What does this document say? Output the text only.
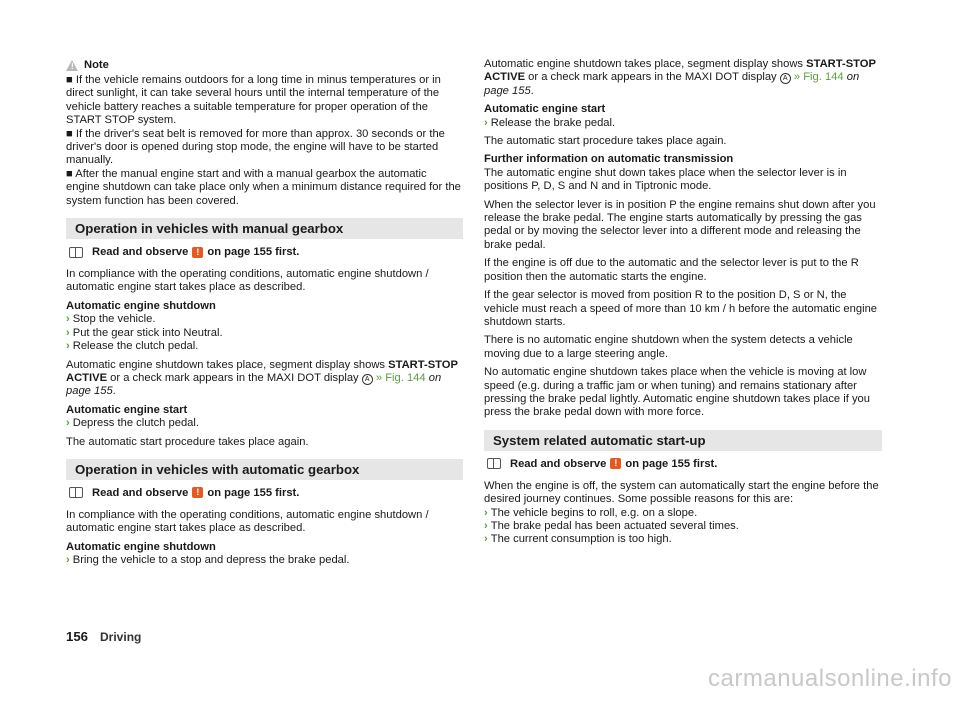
! Note

■ If the vehicle remains outdoors for a long time in minus temperatures or in direct sunlight, it can take several hours until the internal temperature of the vehicle battery reaches a suitable temperature for proper operation of the START STOP system.

■ If the driver's seat belt is removed for more than approx. 30 seconds or the driver's door is opened during stop mode, the engine will have to be started manually.

■ After the manual engine start and with a manual gearbox the automatic engine shutdown can take place only when a minimum distance required for the system function has been covered.

Operation in vehicles with manual gearbox
Read and observe ! on page 155 first.

In compliance with the operating conditions, automatic engine shutdown / automatic engine start takes place as described.

Automatic engine shutdown

› Stop the vehicle.

› Put the gear stick into Neutral.

› Release the clutch pedal.

Automatic engine shutdown takes place, segment display shows START-STOP ACTIVE or a check mark appears in the MAXI DOT display A » Fig. 144 on page 155.

Automatic engine start

› Depress the clutch pedal.

The automatic start procedure takes place again.

Operation in vehicles with automatic gearbox
Read and observe ! on page 155 first.

In compliance with the operating conditions, automatic engine shutdown / automatic engine start takes place as described.

Automatic engine shutdown

› Bring the vehicle to a stop and depress the brake pedal.

Automatic engine shutdown takes place, segment display shows START-STOP ACTIVE or a check mark appears in the MAXI DOT display A » Fig. 144 on page 155.

Automatic engine start

› Release the brake pedal.

The automatic start procedure takes place again.

Further information on automatic transmission

The automatic engine shut down takes place when the selector lever is in positions P, D, S and N and in Tiptronic mode.

When the selector lever is in position P the engine remains shut down after you release the brake pedal. The engine starts automatically by pressing the gas pedal or by moving the selector lever into a different mode and releasing the brake pedal.

If the engine is off due to the automatic and the selector lever is put to the R position then the automatic starts the engine.

If the gear selector is moved from position R to the position D, S or N, the vehicle must reach a speed of more than 10 km / h before the automatic engine shutdown starts.

There is no automatic engine shutdown when the system detects a vehicle moving due to a large steering angle.

No automatic engine shutdown takes place when the vehicle is moving at low speed (e.g. during a traffic jam or when tuning) and remains stationary after pressing the brake pedal lightly. Automatic engine shutdown takes place if you press the brake pedal down with more force.

System related automatic start-up
Read and observe ! on page 155 first.

When the engine is off, the system can automatically start the engine before the desired journey continues. Some possible reasons for this are:

› The vehicle begins to roll, e.g. on a slope.

› The brake pedal has been actuated several times.

› The current consumption is too high.

156 Driving
carmanualsonline.info
